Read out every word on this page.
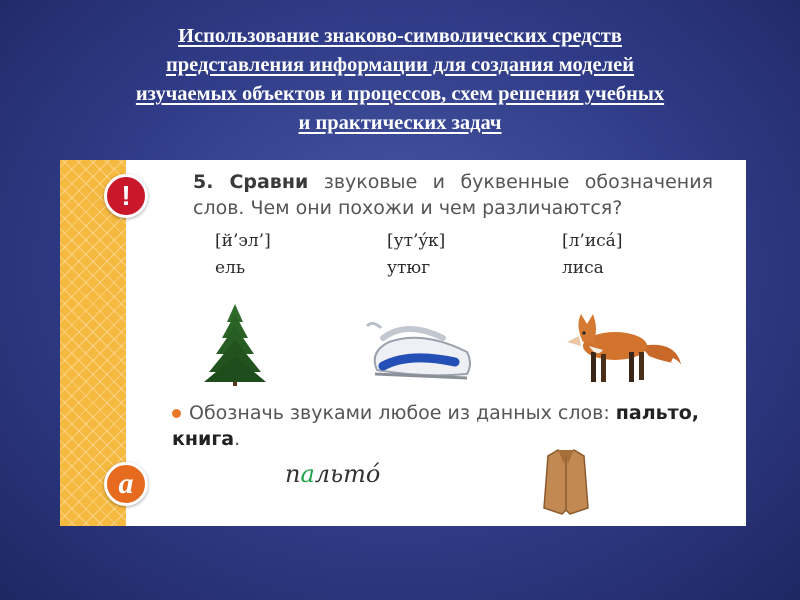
Использование знаково-символических средств
представления информации для создания моделей
изучаемых объектов и процессов, схем решения учебных
и практических задач
!
а
5. Сравни звуковые и буквенные обозначения слов. Чем они похожи и чем различаются?
[й’эл’]
ель
[ут’ýк]
утюг
[л’исá]
лиса
Обозначь звуками любое из данных слов: пальто, книга.
пальто́
